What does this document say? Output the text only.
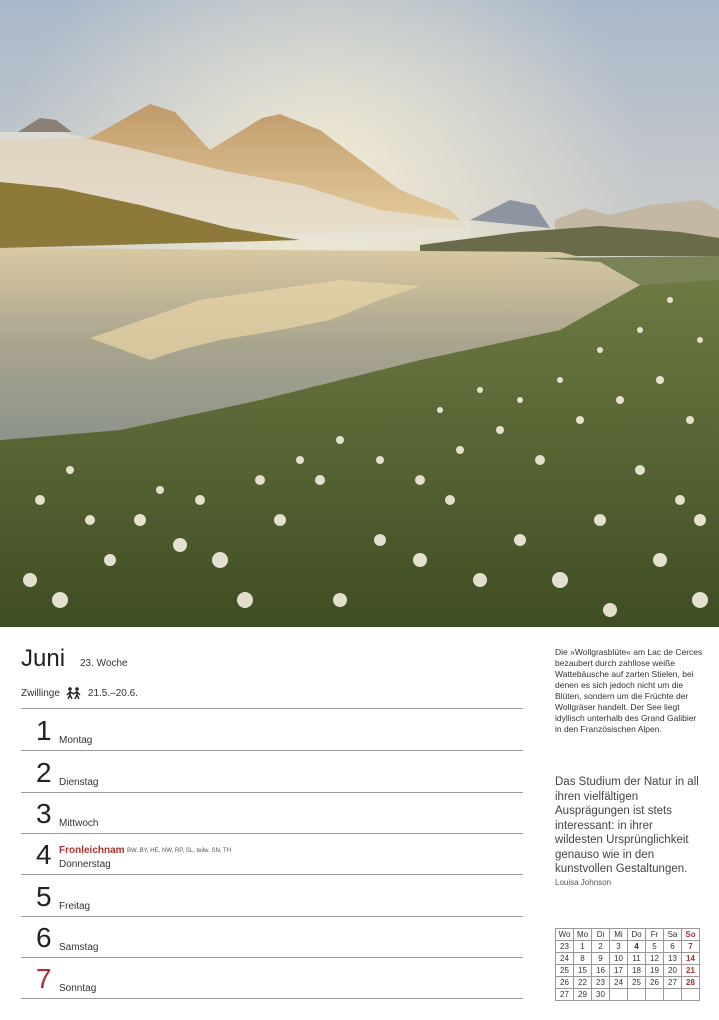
Juni 23. Woche
Zwillinge	21.5.–20.6.
1 Montag
2 Dienstag
3 Mittwoch
4 Fronleichnam BW, BY, HE, NW, RP, SL, teilw. SN, TH
Donnerstag
5 Freitag
6 Samstag
7 Sonntag
Die »Wollgrasblüte« am Lac de Cerces bezaubert durch zahllose weiße Wattebäusche auf zarten Stielen, bei denen es sich jedoch nicht um die Blüten, sondern um die Früchte der Wollgräser handelt. Der See liegt idyllisch unterhalb des Grand Galibier in den Französischen Alpen.
Das Studium der Natur in all ihren vielfältigen Ausprägungen ist stets interessant: in ihrer wildesten Ursprünglichkeit genauso wie in den kunstvollen Gestaltungen.
Louisa Johnson
Wo	Mo	Di	Mi	Do	Fr	Sa	So
23	1	2	3	4	5	6	7
24	8	9	10	11	12	13	14
25	15	16	17	18	19	20	21
26	22	23	24	25	26	27	28
27	29	30					
